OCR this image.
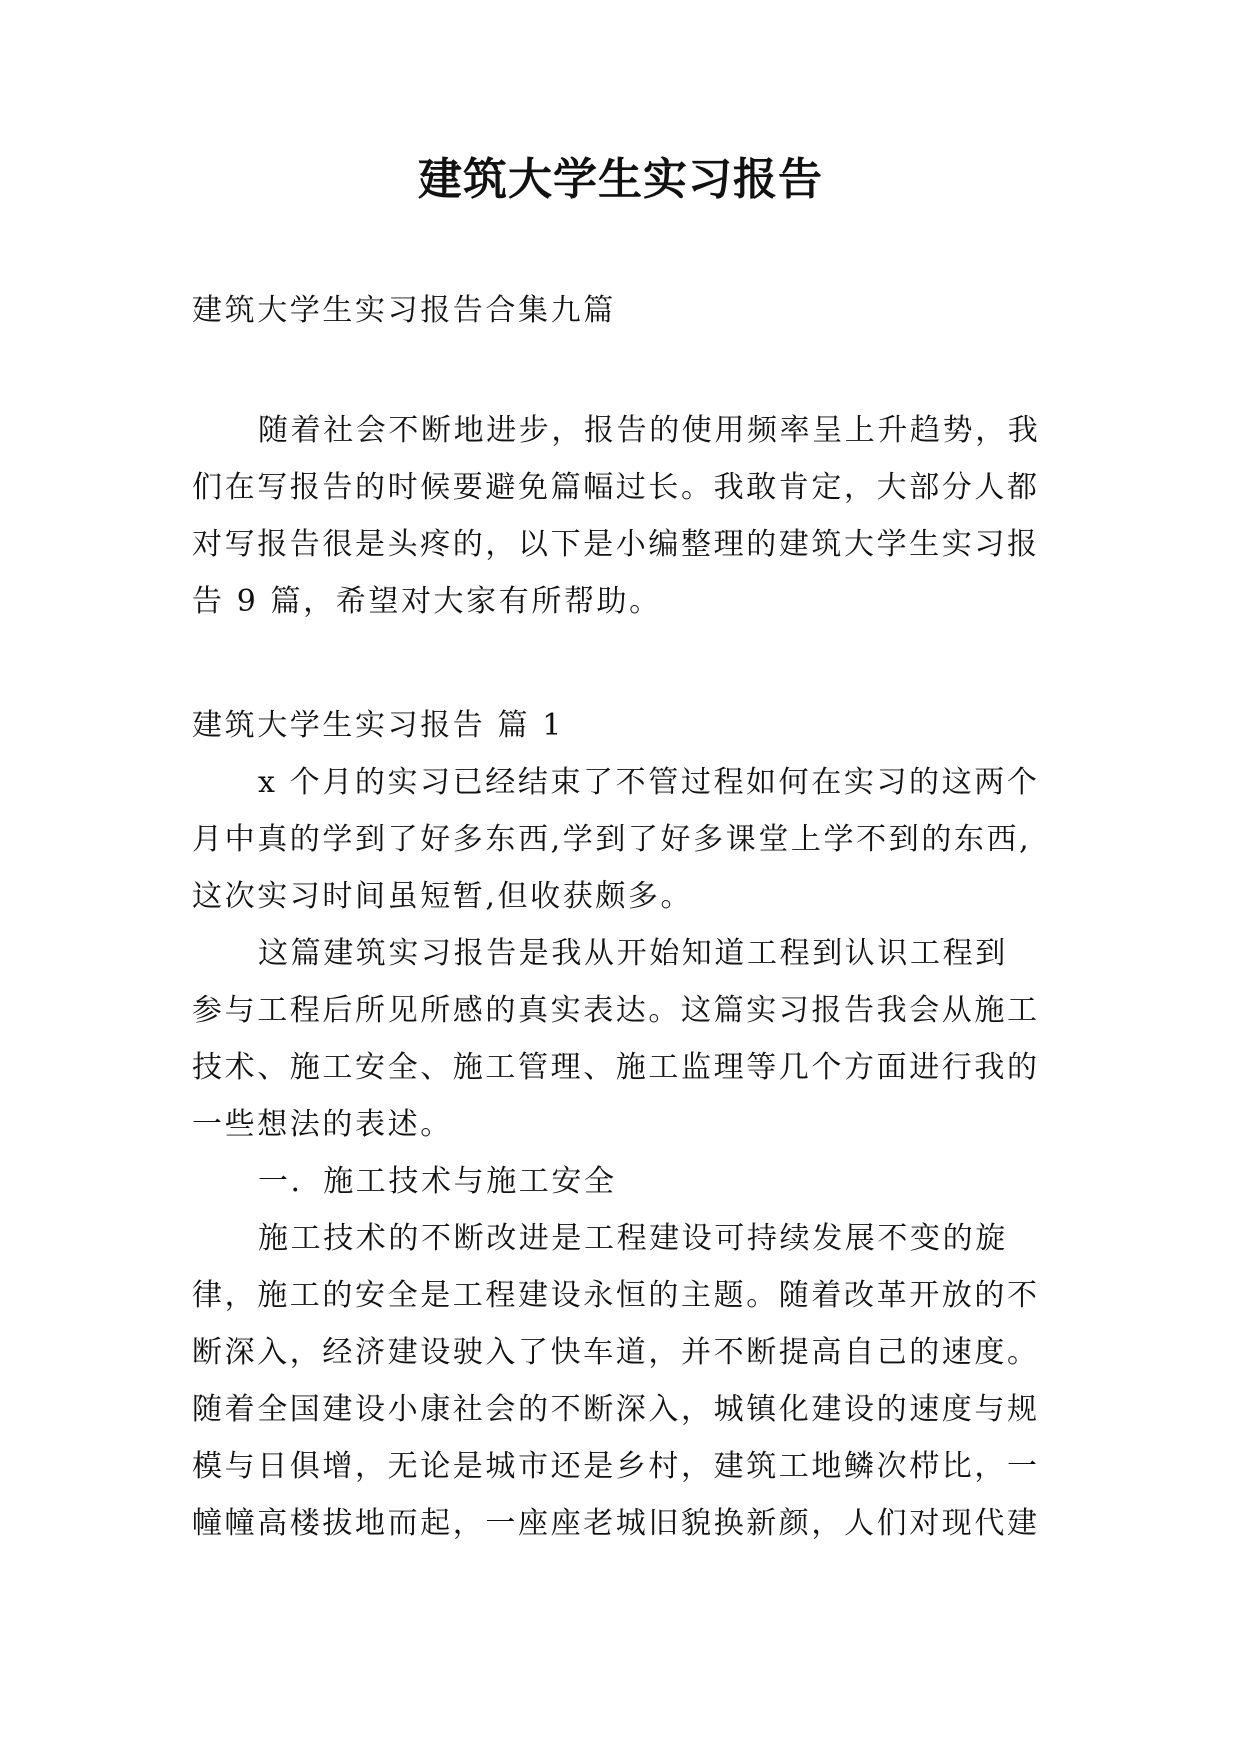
建筑大学生实习报告
建筑大学生实习报告合集九篇
随着社会不断地进步，报告的使用频率呈上升趋势，我
们在写报告的时候要避免篇幅过长。我敢肯定，大部分人都
对写报告很是头疼的，以下是小编整理的建筑大学生实习报
告 9 篇，希望对大家有所帮助。
建筑大学生实习报告 篇 1
x 个月的实习已经结束了不管过程如何在实习的这两个
月中真的学到了好多东西,学到了好多课堂上学不到的东西,
这次实习时间虽短暂,但收获颇多。
这篇建筑实习报告是我从开始知道工程到认识工程到
参与工程后所见所感的真实表达。这篇实习报告我会从施工
技术、施工安全、施工管理、施工监理等几个方面进行我的
一些想法的表述。
一．施工技术与施工安全
施工技术的不断改进是工程建设可持续发展不变的旋
律，施工的安全是工程建设永恒的主题。随着改革开放的不
断深入，经济建设驶入了快车道，并不断提高自己的速度。
随着全国建设小康社会的不断深入，城镇化建设的速度与规
模与日俱增，无论是城市还是乡村，建筑工地鳞次栉比，一
幢幢高楼拔地而起，一座座老城旧貌换新颜，人们对现代建
